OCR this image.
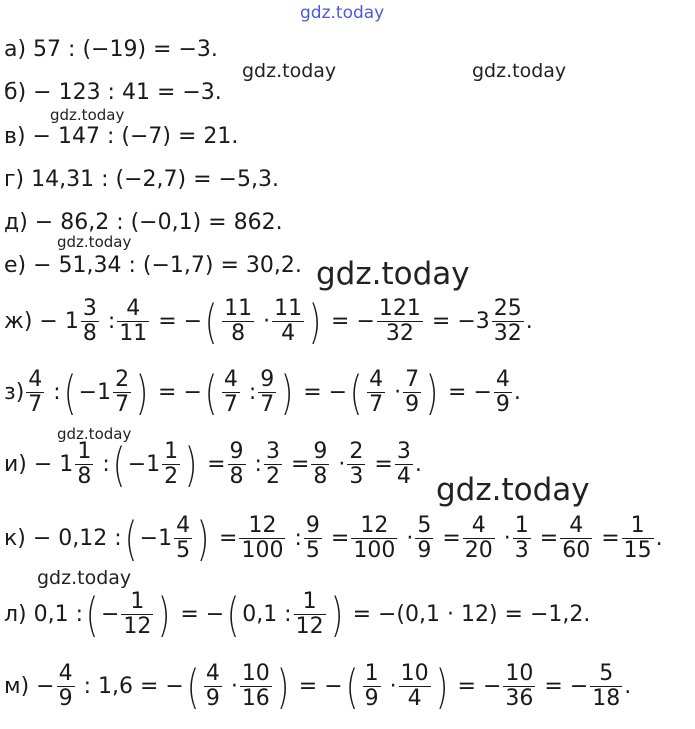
gdz.today
gdz.today	gdz.today
gdz.today
gdz.today
gdz.today
gdz.today
gdz.today
gdz.today
а) 57 : (−19) = −3.
б) − 123 : 41 = −3.
в) − 147 : (−7) = 21.
г) 14,31 : (−2,7) = −5,3.
д) − 86,2 : (−0,1) = 862.
е) − 51,34 : (−1,7) = 30,2.
$ж) - 1 \frac{3}{8}$ : $\frac{4}{11}$ = −( $\frac{11}{8} \cdot \frac{11}{4}$ ) = − $\frac{121}{32} = -3 \frac{25}{32}$ .
$з) \frac{4}{7}$ :( $-1 \frac{2}{7}$ ) = −( $\frac{4}{7}$ : $\frac{9}{7}$ ) = −( $\frac{4}{7} \cdot \frac{7}{9}$ ) = − $\frac{4}{9}$ .
$и) - 1 \frac{1}{8}$ :( $-1 \frac{1}{2}$ ) = $\frac{9}{8}$ : $\frac{3}{2} = \frac{9}{8} \cdot \frac{2}{3} = \frac{3}{4}$ .
к) − 0,12 :( $-1 \frac{4}{5}$ ) = $\frac{12}{100}$ : $\frac{9}{5} = \frac{12}{100} \cdot \frac{5}{9} = \frac{4}{20} \cdot \frac{1}{3} = \frac{4}{60} = \frac{1}{15}$ .
л) 0,1 :( − $\frac{1}{12}$ ) = −( 0,1 : $\frac{1}{12}$ ) = −(0,1 · 12) = −1,2.
$м) - \frac{4}{9}$ : 1,6 = −( $\frac{4}{9} \cdot \frac{10}{16}$ ) = −( $\frac{1}{9} \cdot \frac{10}{4}$ ) = − $\frac{10}{36}$ = − $\frac{5}{18}$ .
